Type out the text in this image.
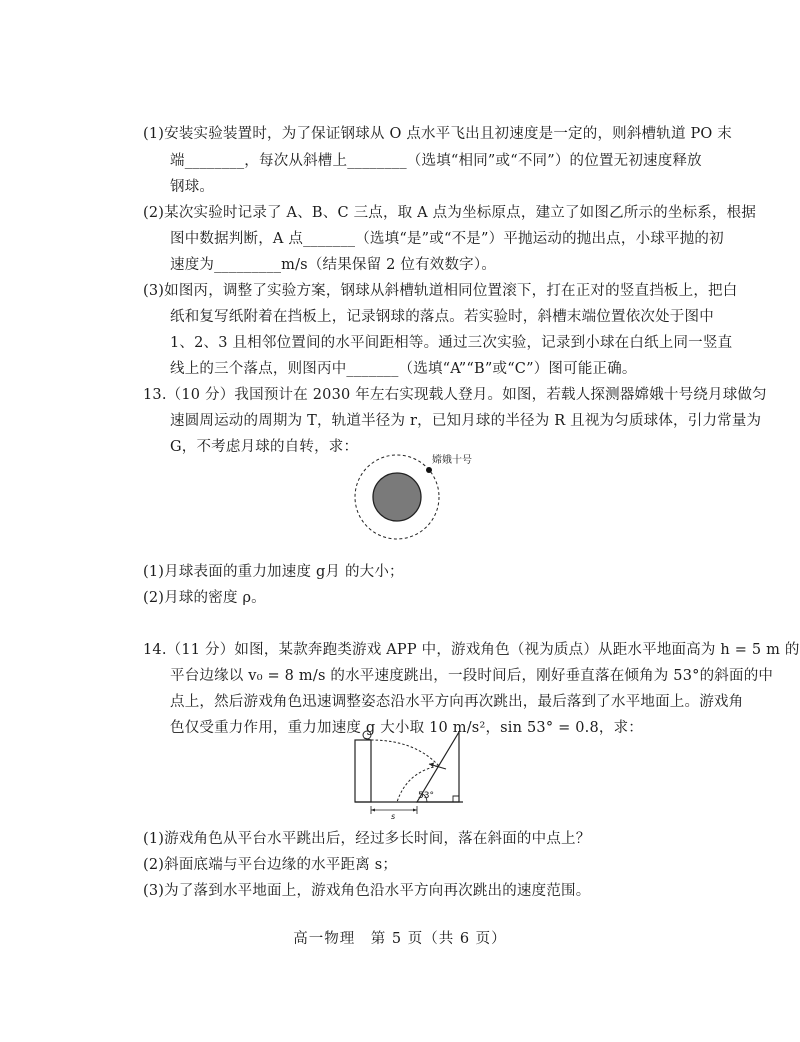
(1)安装实验装置时，为了保证钢球从 O 点水平飞出且初速度是一定的，则斜槽轨道 PO 末
端________，每次从斜槽上________（选填“相同”或“不同”）的位置无初速度释放
钢球。
(2)某次实验时记录了 A、B、C 三点，取 A 点为坐标原点，建立了如图乙所示的坐标系，根据
图中数据判断，A 点_______（选填“是”或“不是”）平抛运动的抛出点，小球平抛的初
速度为_________m/s（结果保留 2 位有效数字）。
(3)如图丙，调整了实验方案，钢球从斜槽轨道相同位置滚下，打在正对的竖直挡板上，把白
纸和复写纸附着在挡板上，记录钢球的落点。若实验时，斜槽末端位置依次处于图中
1、2、3 且相邻位置间的水平间距相等。通过三次实验，记录到小球在白纸上同一竖直
线上的三个落点，则图丙中_______（选填“A”“B”或“C”）图可能正确。
13.（10 分）我国预计在 2030 年左右实现载人登月。如图，若载人探测器嫦娥十号绕月球做匀
速圆周运动的周期为 T，轨道半径为 r，已知月球的半径为 R 且视为匀质球体，引力常量为
G，不考虑月球的自转，求：
嫦娥十号
(1)月球表面的重力加速度 g月 的大小；
(2)月球的密度 ρ。
14.（11 分）如图，某款奔跑类游戏 APP 中，游戏角色（视为质点）从距水平地面高为 h = 5 m 的
平台边缘以 v₀ = 8 m/s 的水平速度跳出，一段时间后，刚好垂直落在倾角为 53°的斜面的中
点上，然后游戏角色迅速调整姿态沿水平方向再次跳出，最后落到了水平地面上。游戏角
色仅受重力作用，重力加速度 g 大小取 10 m/s²，sin 53° = 0.8，求：
53°
s
(1)游戏角色从平台水平跳出后，经过多长时间，落在斜面的中点上？
(2)斜面底端与平台边缘的水平距离 s；
(3)为了落到水平地面上，游戏角色沿水平方向再次跳出的速度范围。
高一物理　第 5 页（共 6 页）
